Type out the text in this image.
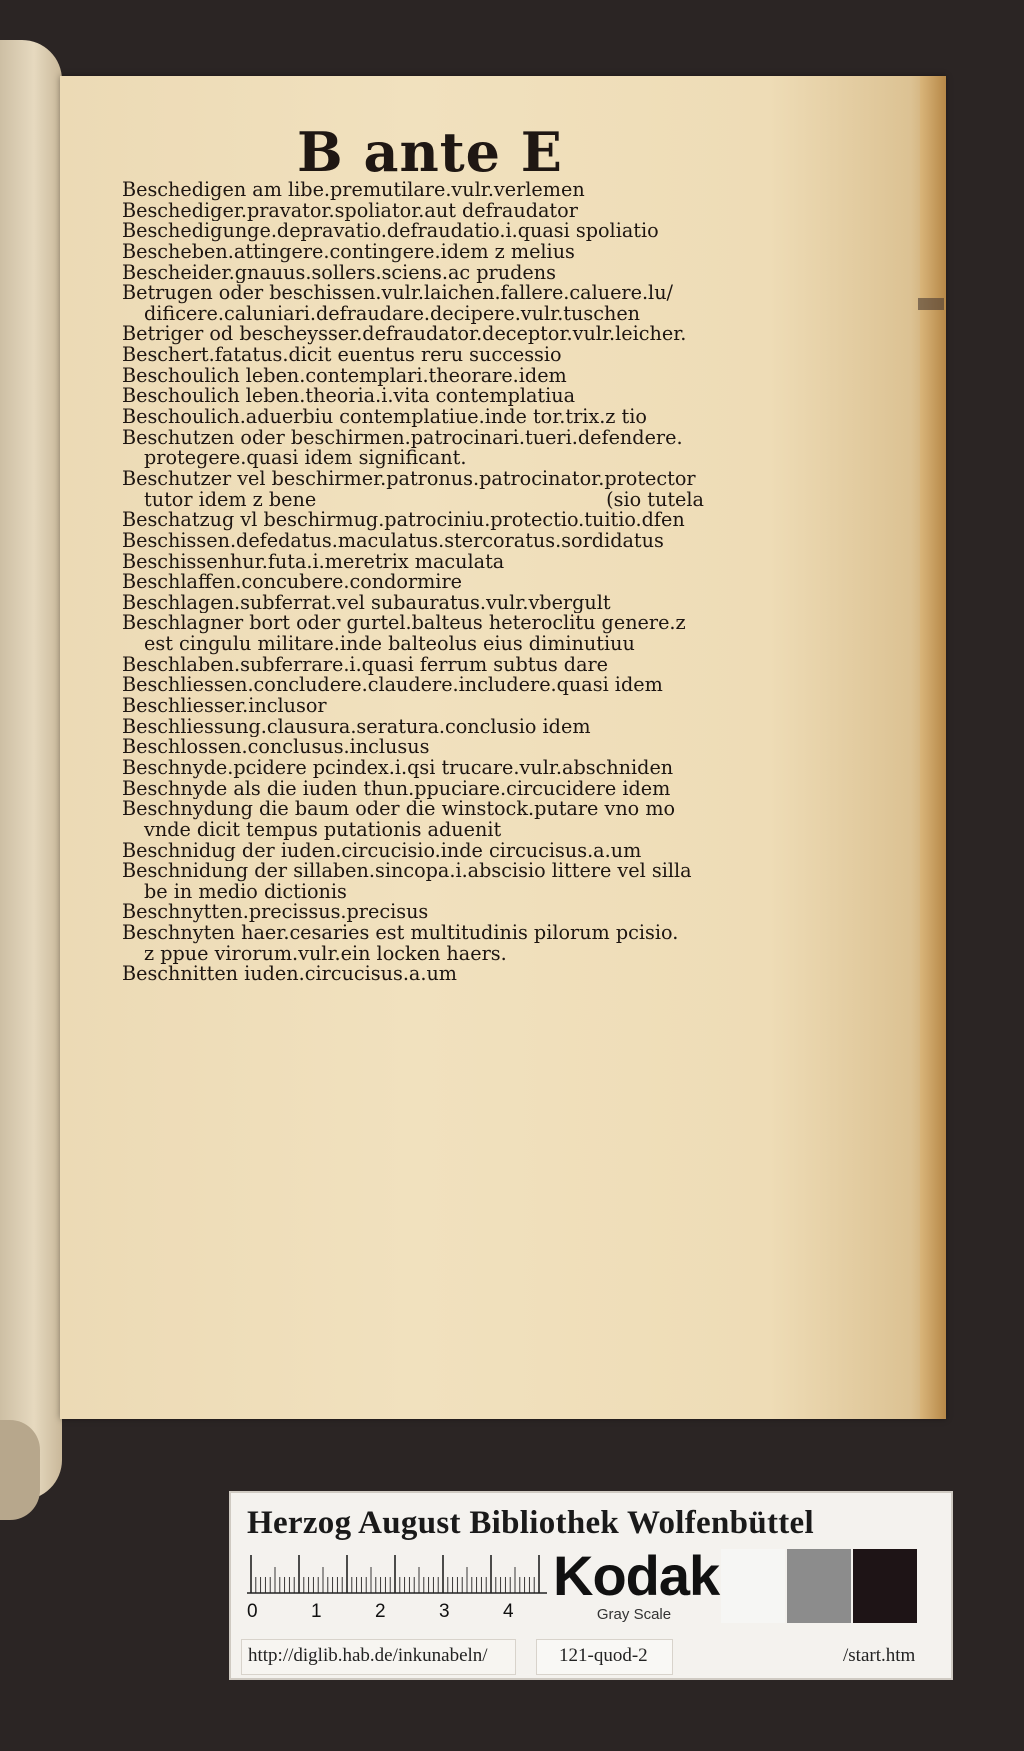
B ante E
Beschedigen am libe.premutilare.vulr.verlemen
Beschediger.pravator.spoliator.aut defraudator
Beschedigunge.depravatio.defraudatio.i.quasi spoliatio
Bescheben.attingere.contingere.idem z melius
Bescheider.gnauus.sollers.sciens.ac prudens
Betrugen oder beschissen.vulr.laichen.fallere.caluere.lu/
dificere.caluniari.defraudare.decipere.vulr.tuschen
Betriger od bescheysser.defraudator.deceptor.vulr.leicher.
Beschert.fatatus.dicit euentus reru successio
Beschoulich leben.contemplari.theorare.idem
Beschoulich leben.theoria.i.vita contemplatiua
Beschoulich.aduerbiu contemplatiue.inde tor.trix.z tio
Beschutzen oder beschirmen.patrocinari.tueri.defendere.
protegere.quasi idem significant.
Beschutzer vel beschirmer.patronus.patrocinator.protector
tutor idem z bene	(sio tutela
Beschatzug vl beschirmug.patrociniu.protectio.tuitio.dfen
Beschissen.defedatus.maculatus.stercoratus.sordidatus
Beschissenhur.futa.i.meretrix maculata
Beschlaffen.concubere.condormire
Beschlagen.subferrat.vel subauratus.vulr.vbergult
Beschlagner bort oder gurtel.balteus heteroclitu genere.z
est cingulu militare.inde balteolus eius diminutiuu
Beschlaben.subferrare.i.quasi ferrum subtus dare
Beschliessen.concludere.claudere.includere.quasi idem
Beschliesser.inclusor
Beschliessung.clausura.seratura.conclusio idem
Beschlossen.conclusus.inclusus
Beschnyde.pcidere pcindex.i.qsi trucare.vulr.abschniden
Beschnyde als die iuden thun.ppuciare.circucidere idem
Beschnydung die baum oder die winstock.putare vno mo
vnde dicit tempus putationis aduenit
Beschnidug der iuden.circucisio.inde circucisus.a.um
Beschnidung der sillaben.sincopa.i.abscisio littere vel silla
be in medio dictionis
Beschnytten.precissus.precisus
Beschnyten haer.cesaries est multitudinis pilorum pcisio.
z ppue virorum.vulr.ein locken haers.
Beschnitten iuden.circucisus.a.um
Herzog August Bibliothek Wolfenbüttel
0	1	2	3	4
Kodak
Gray Scale
http://diglib.hab.de/inkunabeln/	121-quod-2	/start.htm
